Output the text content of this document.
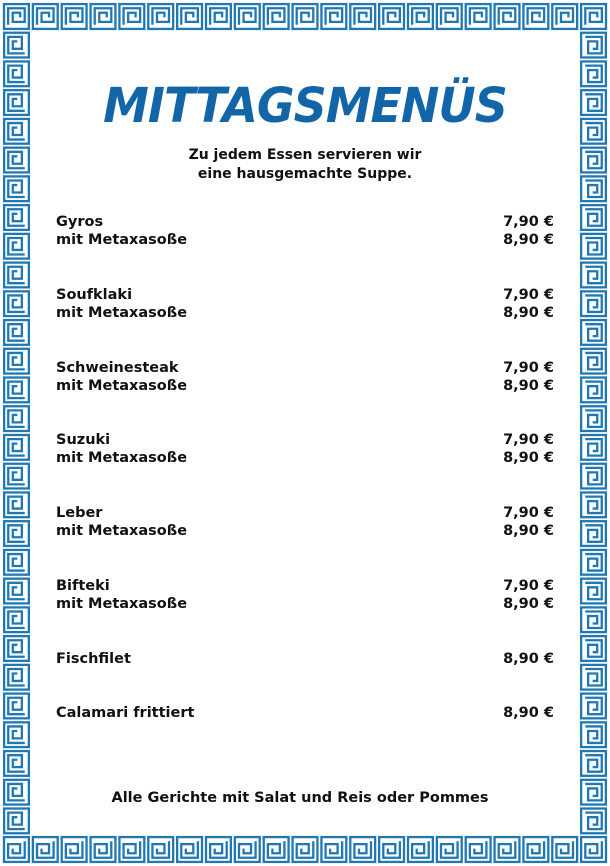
MITTAGSMENÜS
Zu jedem Essen servieren wir
eine hausgemachte Suppe.
Gyros	7,90 €
mit Metaxasoße	8,90 €
Soufklaki	7,90 €
mit Metaxasoße	8,90 €
Schweinesteak	7,90 €
mit Metaxasoße	8,90 €
Suzuki	7,90 €
mit Metaxasoße	8,90 €
Leber	7,90 €
mit Metaxasoße	8,90 €
Bifteki	7,90 €
mit Metaxasoße	8,90 €
Fischfilet	8,90 €
Calamari frittiert	8,90 €
Alle Gerichte mit Salat und Reis oder Pommes
